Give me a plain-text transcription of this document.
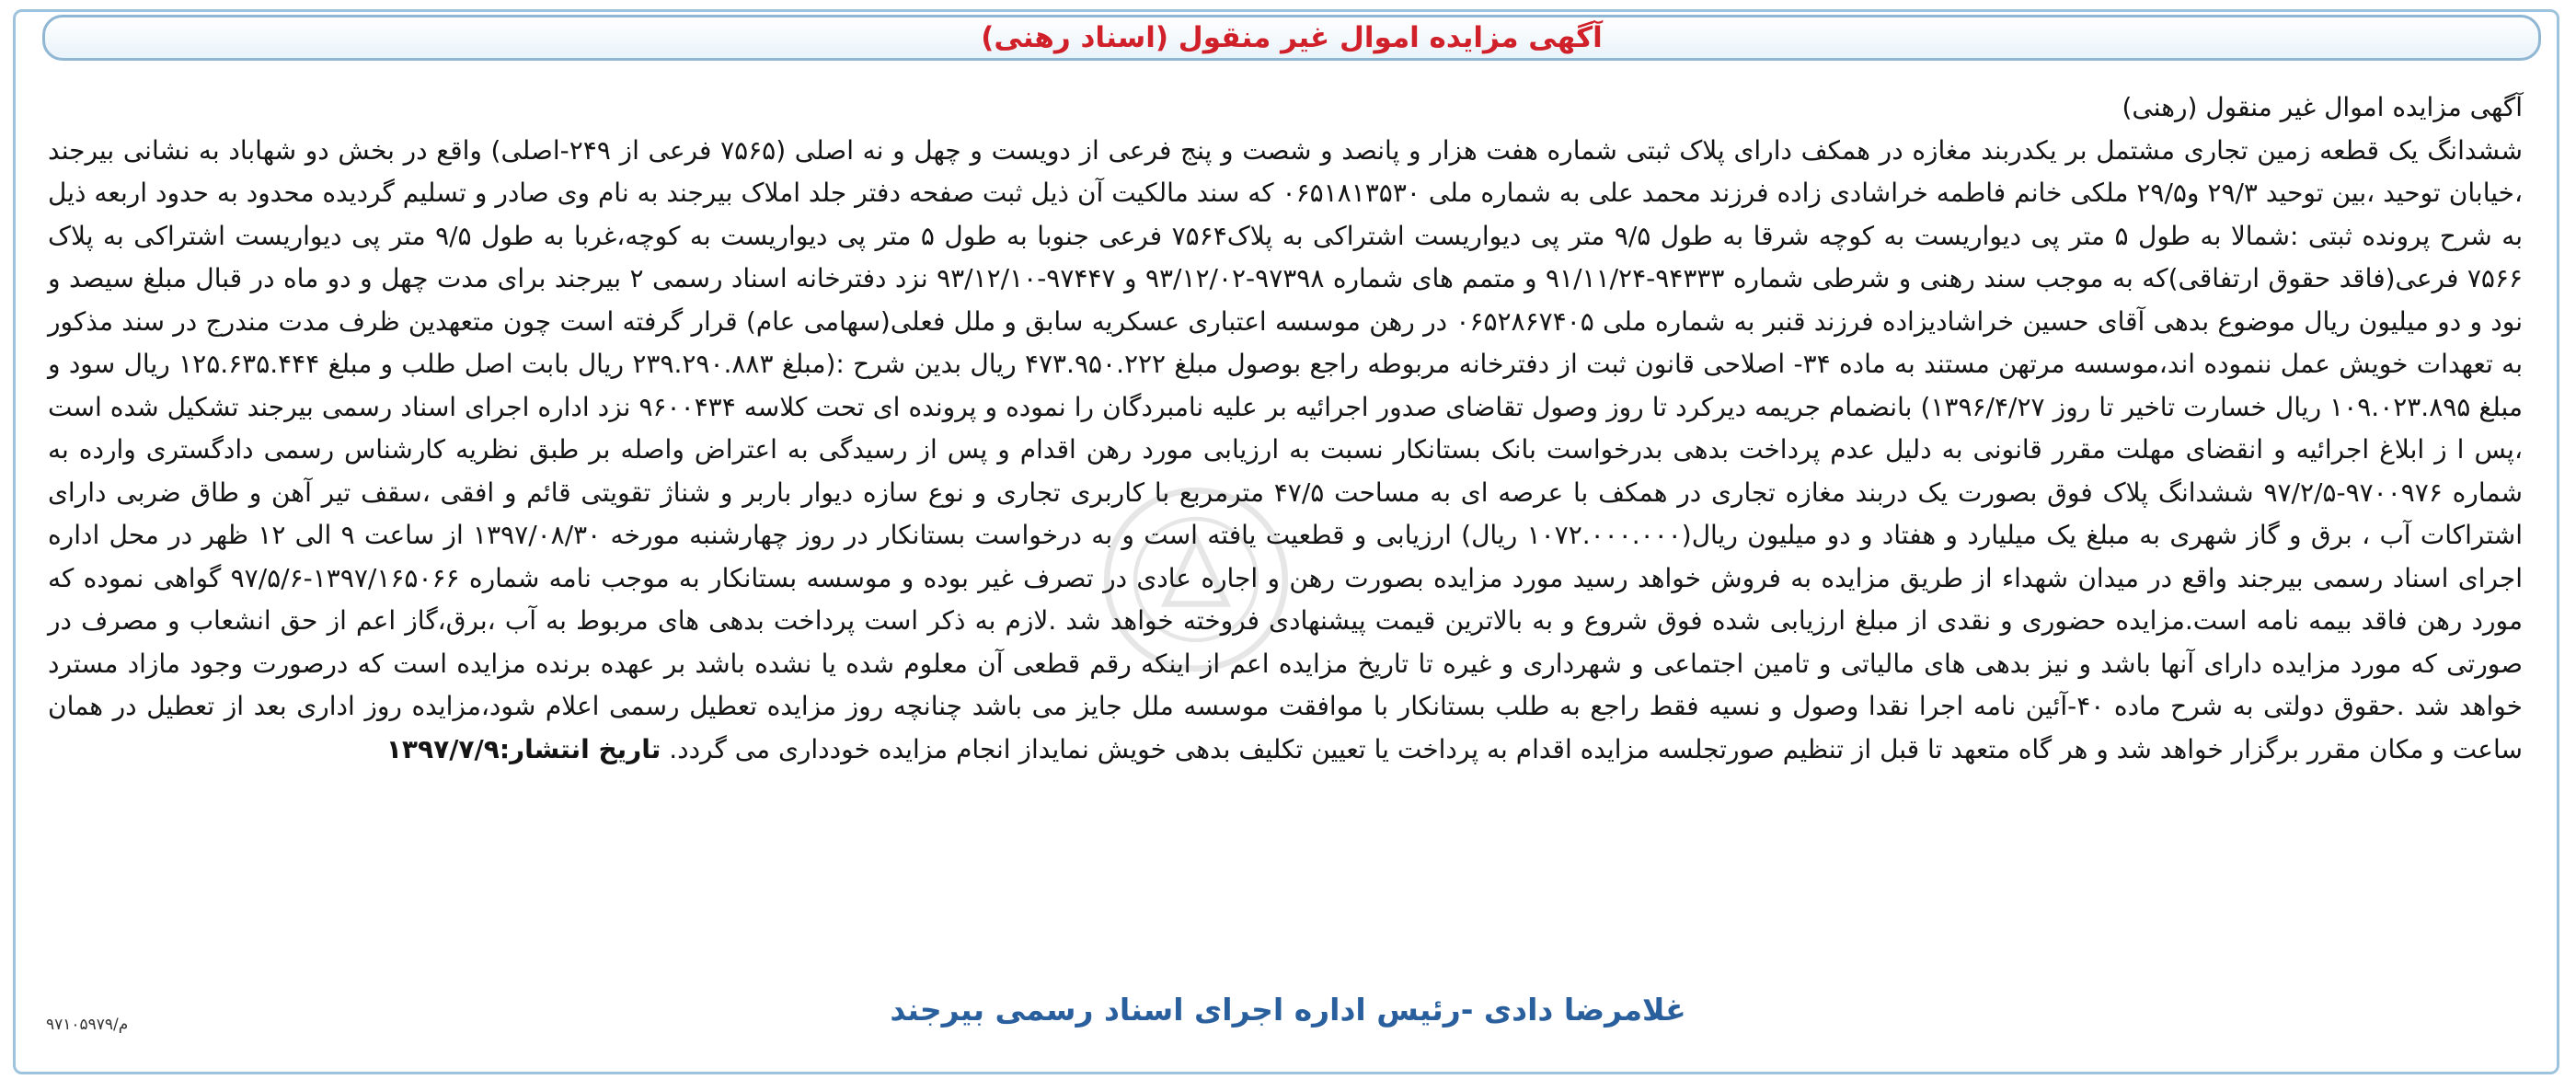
آگهی مزایده اموال غیر منقول (اسناد رهنی)
آگهی مزایده اموال غیر منقول (رهنی)
ششدانگ یک قطعه زمین تجاری مشتمل بر یکدربند مغازه در همکف دارای پلاک ثبتی شماره هفت هزار و پانصد و شصت و پنج فرعی از دویست و چهل و نه اصلی (۷۵۶۵ فرعی از ۲۴۹-اصلی) واقع در بخش دو شهاباد به نشانی بیرجند ،خیابان توحید ،بین توحید ۲۹/۳ و۲۹/۵ ملکی خانم فاطمه خراشادی زاده فرزند محمد علی به شماره ملی ۰۶۵۱۸۱۳۵۳۰ که سند مالکیت آن ذیل ثبت صفحه دفتر جلد املاک بیرجند به نام وی صادر و تسلیم گردیده محدود به حدود اربعه ذیل به شرح پرونده ثبتی :شمالا به طول ۵ متر پی دیواریست به کوچه شرقا به طول ۹/۵ متر پی دیواریست اشتراکی به پلاک۷۵۶۴ فرعی جنوبا به طول ۵ متر پی دیواریست به کوچه،غربا به طول ۹/۵ متر پی دیواریست اشتراکی به پلاک ۷۵۶۶ فرعی(فاقد حقوق ارتفاقی)که به موجب سند رهنی و شرطی شماره ۹۴۳۳۳-۹۱/۱۱/۲۴ و متمم های شماره ۹۷۳۹۸-۹۳/۱۲/۰۲ و ۹۷۴۴۷-۹۳/۱۲/۱۰ نزد دفترخانه اسناد رسمی ۲ بیرجند برای مدت چهل و دو ماه در قبال مبلغ سیصد و نود و دو میلیون ریال موضوع بدهی آقای حسین خراشادیزاده فرزند قنبر به شماره ملی ۰۶۵۲۸۶۷۴۰۵ در رهن موسسه اعتباری عسکریه سابق و ملل فعلی(سهامی عام) قرار گرفته است چون متعهدین ظرف مدت مندرج در سند مذکور به تعهدات خویش عمل ننموده اند،موسسه مرتهن مستند به ماده ۳۴- اصلاحی قانون ثبت از دفترخانه مربوطه راجع بوصول مبلغ ۴۷۳.۹۵۰.۲۲۲ ریال بدین شرح :(مبلغ ۲۳۹.۲۹۰.۸۸۳ ریال بابت اصل طلب و مبلغ ۱۲۵.۶۳۵.۴۴۴ ریال سود و مبلغ ۱۰۹.۰۲۳.۸۹۵ ریال خسارت تاخیر تا روز ۱۳۹۶/۴/۲۷) بانضمام جریمه دیرکرد تا روز وصول تقاضای صدور اجرائیه بر علیه نامبردگان را نموده و پرونده ای تحت کلاسه ۹۶۰۰۴۳۴ نزد اداره اجرای اسناد رسمی بیرجند تشکیل شده است ،پس ا ز ابلاغ اجرائیه و انقضای مهلت مقرر قانونی به دلیل عدم پرداخت بدهی بدرخواست بانک بستانکار نسبت به ارزیابی مورد رهن اقدام و پس از رسیدگی به اعتراض واصله بر طبق نظریه کارشناس رسمی دادگستری وارده به شماره ۹۷۰۰۹۷۶-۹۷/۲/۵ ششدانگ پلاک فوق بصورت یک دربند مغازه تجاری در همکف با عرصه ای به مساحت ۴۷/۵ مترمربع با کاربری تجاری و نوع سازه دیوار باربر و شناژ تقویتی قائم و افقی ،سقف تیر آهن و طاق ضربی دارای اشتراکات آب ، برق و گاز شهری به مبلغ یک میلیارد و هفتاد و دو میلیون ریال(۱۰۷۲.۰۰۰.۰۰۰ ریال) ارزیابی و قطعیت یافته است و به درخواست بستانکار در روز چهارشنبه مورخه ۱۳۹۷/۰۸/۳۰ از ساعت ۹ الی ۱۲ ظهر در محل اداره اجرای اسناد رسمی بیرجند واقع در میدان شهداء از طریق مزایده به فروش خواهد رسید مورد مزایده بصورت رهن و اجاره عادی در تصرف غیر بوده و موسسه بستانکار به موجب نامه شماره ۱۳۹۷/۱۶۵۰۶۶-۹۷/۵/۶ گواهی نموده که مورد رهن فاقد بیمه نامه است.مزایده حضوری و نقدی از مبلغ ارزیابی شده فوق شروع و به بالاترین قیمت پیشنهادی فروخته خواهد شد .لازم به ذکر است پرداخت بدهی های مربوط به آب ،برق،گاز اعم از حق انشعاب و مصرف در صورتی که مورد مزایده دارای آنها باشد و نیز بدهی های مالیاتی و تامین اجتماعی و شهرداری و غیره تا تاریخ مزایده اعم از اینکه رقم قطعی آن معلوم شده یا نشده باشد بر عهده برنده مزایده است که درصورت وجود مازاد مسترد خواهد شد .حقوق دولتی به شرح ماده ۴۰-آئین نامه اجرا نقدا وصول و نسیه فقط راجع به طلب بستانکار با موافقت موسسه ملل جایز می باشد چنانچه روز مزایده تعطیل رسمی اعلام شود،مزایده روز اداری بعد از تعطیل در همان ساعت و مکان مقرر برگزار خواهد شد و هر گاه متعهد تا قبل از تنظیم صورتجلسه مزایده اقدام به پرداخت یا تعیین تکلیف بدهی خویش نمایداز انجام مزایده خودداری می گردد. تاریخ انتشار:۱۳۹۷/۷/۹
غلامرضا دادی -رئیس اداره اجرای اسناد رسمی بیرجند
م/۹۷۱۰۵۹۷۹
